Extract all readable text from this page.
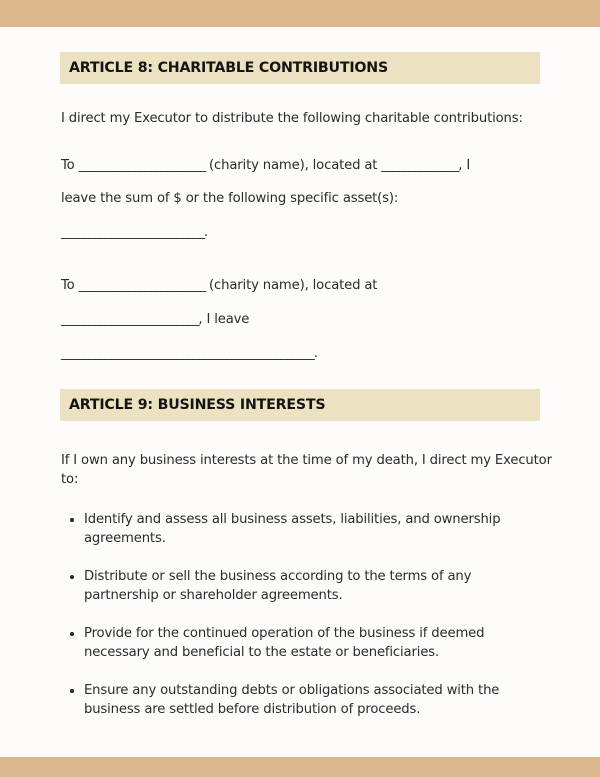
ARTICLE 8: CHARITABLE CONTRIBUTIONS
I direct my Executor to distribute the following charitable contributions:
To _______________________ (charity name), located at ______________, I
leave the sum of $ or the following specific asset(s):
__________________________.
To _______________________ (charity name), located at
_________________________, I leave
______________________________________________.
ARTICLE 9: BUSINESS INTERESTS
If I own any business interests at the time of my death, I direct my Executor
to:
Identify and assess all business assets, liabilities, and ownership
agreements.
Distribute or sell the business according to the terms of any
partnership or shareholder agreements.
Provide for the continued operation of the business if deemed
necessary and beneficial to the estate or beneficiaries.
Ensure any outstanding debts or obligations associated with the
business are settled before distribution of proceeds.
